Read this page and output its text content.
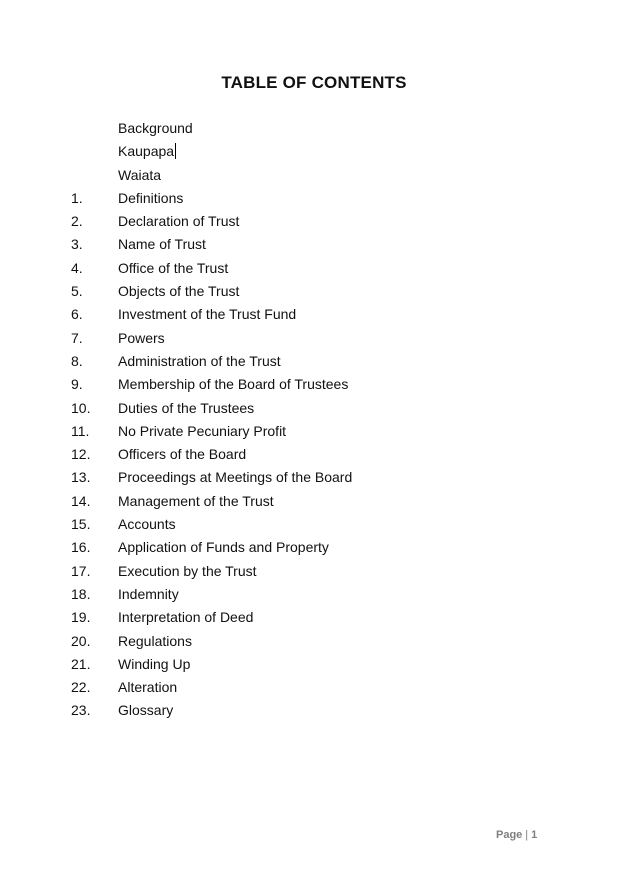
TABLE OF CONTENTS
Background
Kaupapa
Waiata
1.	Definitions
2.	Declaration of Trust
3.	Name of Trust
4.	Office of the Trust
5.	Objects of the Trust
6.	Investment of the Trust Fund
7.	Powers
8.	Administration of the Trust
9.	Membership of the Board of Trustees
10. Duties of the Trustees
11. No Private Pecuniary Profit
12. Officers of the Board
13. Proceedings at Meetings of the Board
14. Management of the Trust
15. Accounts
16. Application of Funds and Property
17. Execution by the Trust
18. Indemnity
19. Interpretation of Deed
20. Regulations
21. Winding Up
22. Alteration
23. Glossary
Page | 1
